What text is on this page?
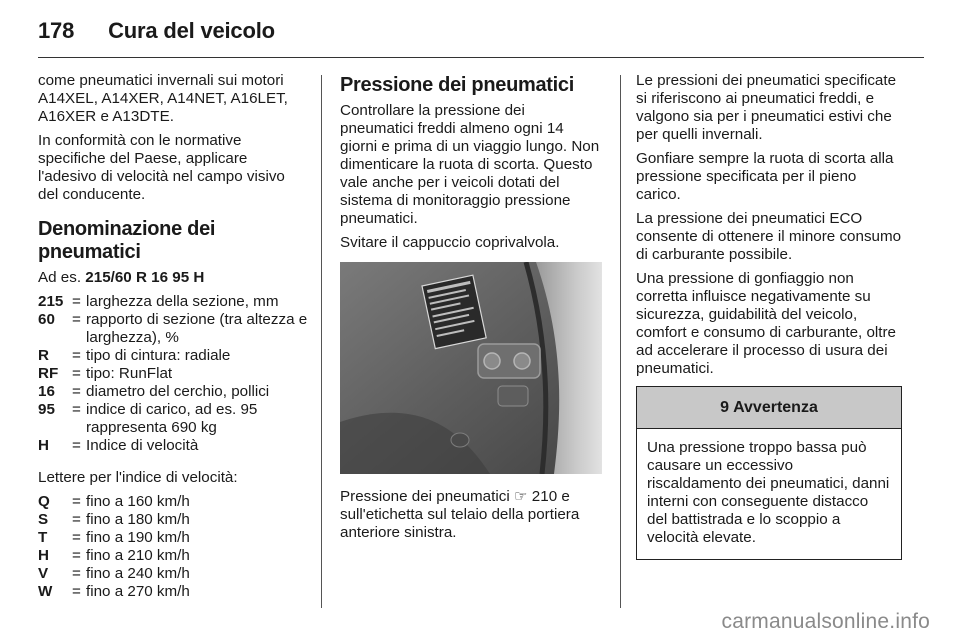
178 Cura del veicolo

come pneumatici invernali sui motori A14XEL, A14XER, A14NET, A16LET, A16XER e A13DTE.

In conformità con le normative specifiche del Paese, applicare l'adesivo di velocità nel campo visivo del conducente.

Denominazione dei pneumatici

Ad es. 215/60 R 16 95 H

215 = larghezza della sezione, mm
60	= rapporto di sezione (tra altezza e larghezza), %
R	= tipo di cintura: radiale
RF = tipo: RunFlat
16	= diametro del cerchio, pollici
95	= indice di carico, ad es. 95 rappresenta 690 kg
H	= Indice di velocità

Lettere per l'indice di velocità:

Q	= fino a 160 km/h
S	= fino a 180 km/h
T	= fino a 190 km/h
H	= fino a 210 km/h
V	= fino a 240 km/h
W	= fino a 270 km/h
Pressione dei pneumatici

Controllare la pressione dei pneumatici freddi almeno ogni 14 giorni e prima di un viaggio lungo. Non dimenticare la ruota di scorta. Questo vale anche per i veicoli dotati del sistema di monitoraggio pressione pneumatici.

Svitare il cappuccio coprivalvola.

Pressione dei pneumatici ☞ 210 e sull'etichetta sul telaio della portiera anteriore sinistra.

Le pressioni dei pneumatici specificate si riferiscono ai pneumatici freddi, e valgono sia per i pneumatici estivi che per quelli invernali.

Gonfiare sempre la ruota di scorta alla pressione specificata per il pieno carico.

La pressione dei pneumatici ECO consente di ottenere il minore consumo di carburante possibile.

Una pressione di gonfiaggio non corretta influisce negativamente su sicurezza, guidabilità del veicolo, comfort e consumo di carburante, oltre ad accelerare il processo di usura dei pneumatici.

9 Avvertenza
Una pressione troppo bassa può causare un eccessivo riscaldamento dei pneumatici, danni interni con conseguente distacco del battistrada e lo scoppio a velocità elevate.
carmanualsonline.info
